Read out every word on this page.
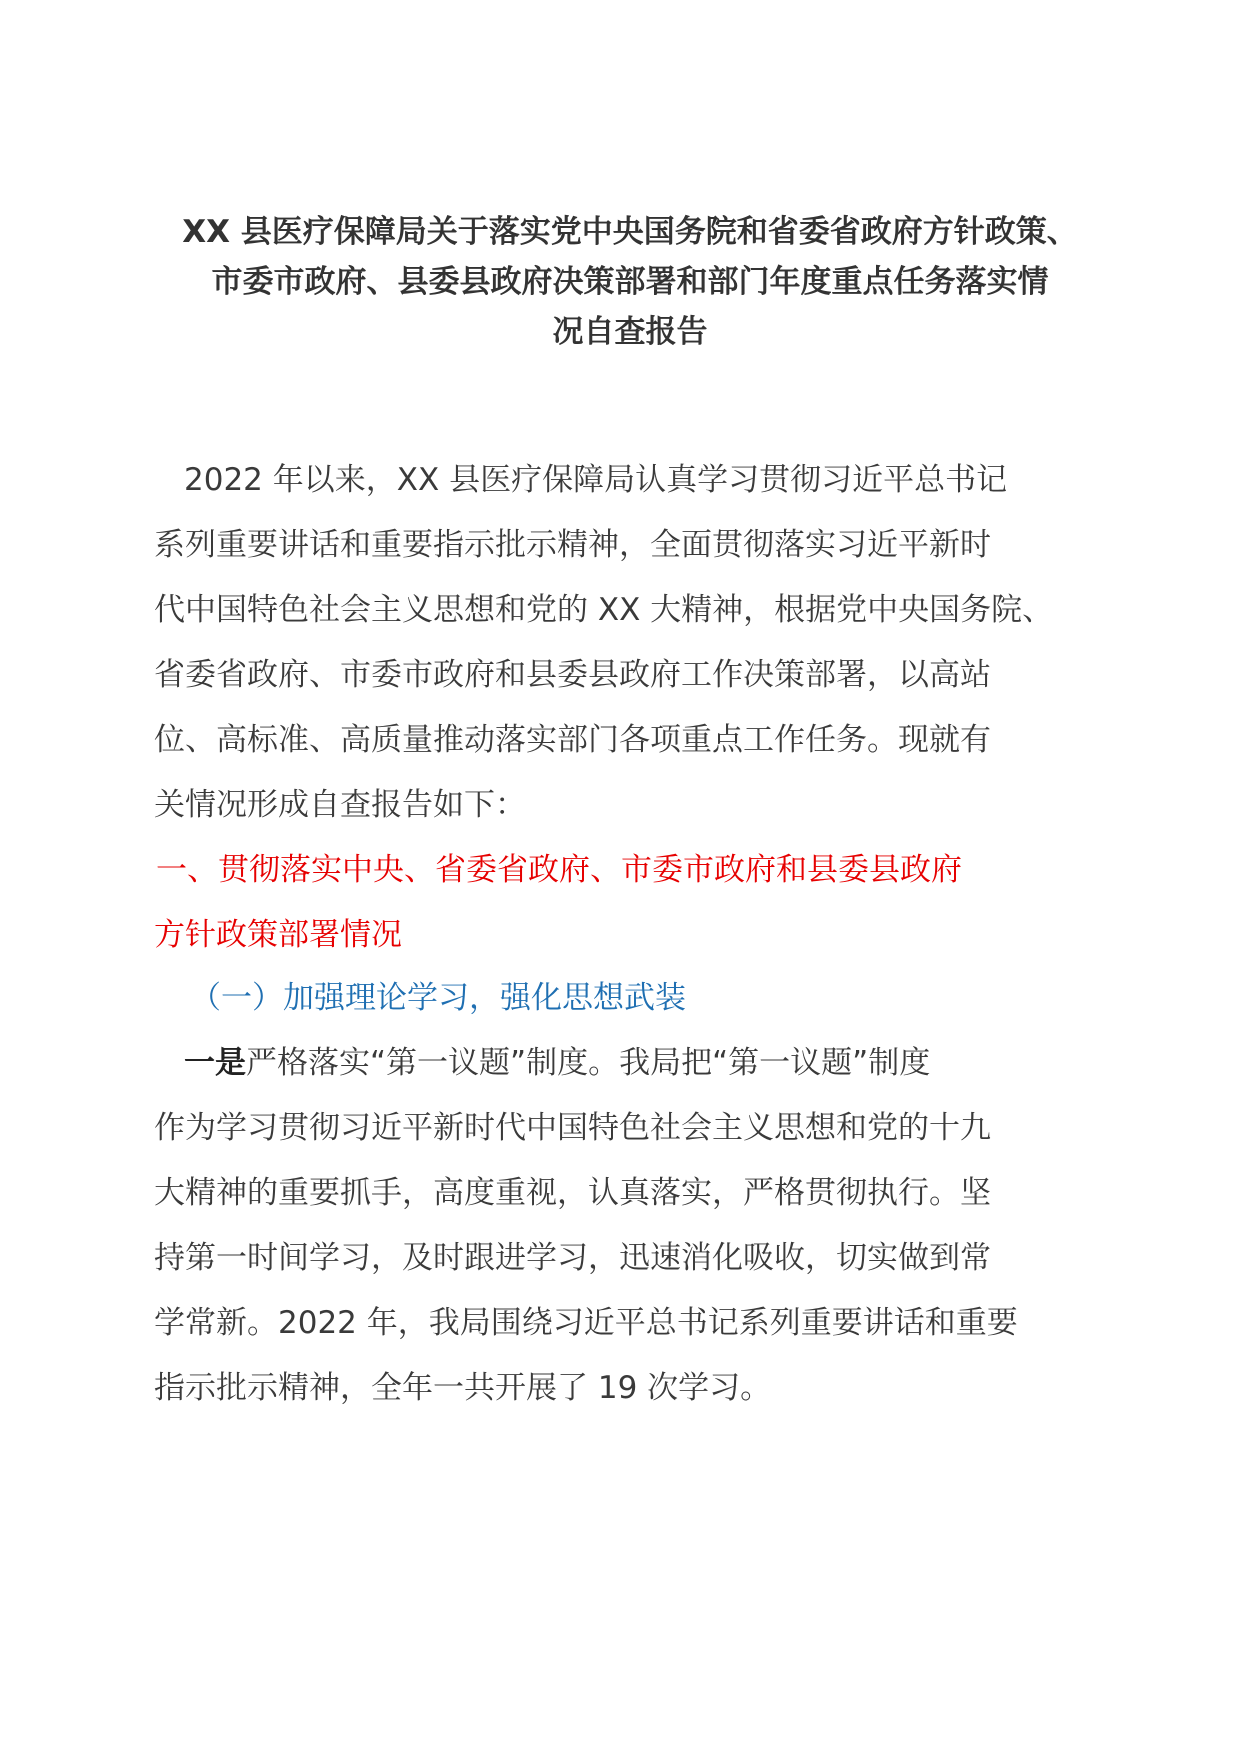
XX 县医疗保障局关于落实党中央国务院和省委省政府方针政策、
市委市政府、县委县政府决策部署和部门年度重点任务落实情
况自查报告
2022 年以来，XX 县医疗保障局认真学习贯彻习近平总书记
系列重要讲话和重要指示批示精神，全面贯彻落实习近平新时
代中国特色社会主义思想和党的 XX 大精神，根据党中央国务院、
省委省政府、市委市政府和县委县政府工作决策部署，以高站
位、高标准、高质量推动落实部门各项重点工作任务。现就有
关情况形成自查报告如下：
一、贯彻落实中央、省委省政府、市委市政府和县委县政府
方针政策部署情况
（一）加强理论学习，强化思想武装
一是严格落实“第一议题”制度。我局把“第一议题”制度
作为学习贯彻习近平新时代中国特色社会主义思想和党的十九
大精神的重要抓手，高度重视，认真落实，严格贯彻执行。坚
持第一时间学习，及时跟进学习，迅速消化吸收，切实做到常
学常新。2022 年，我局围绕习近平总书记系列重要讲话和重要
指示批示精神，全年一共开展了 19 次学习。
